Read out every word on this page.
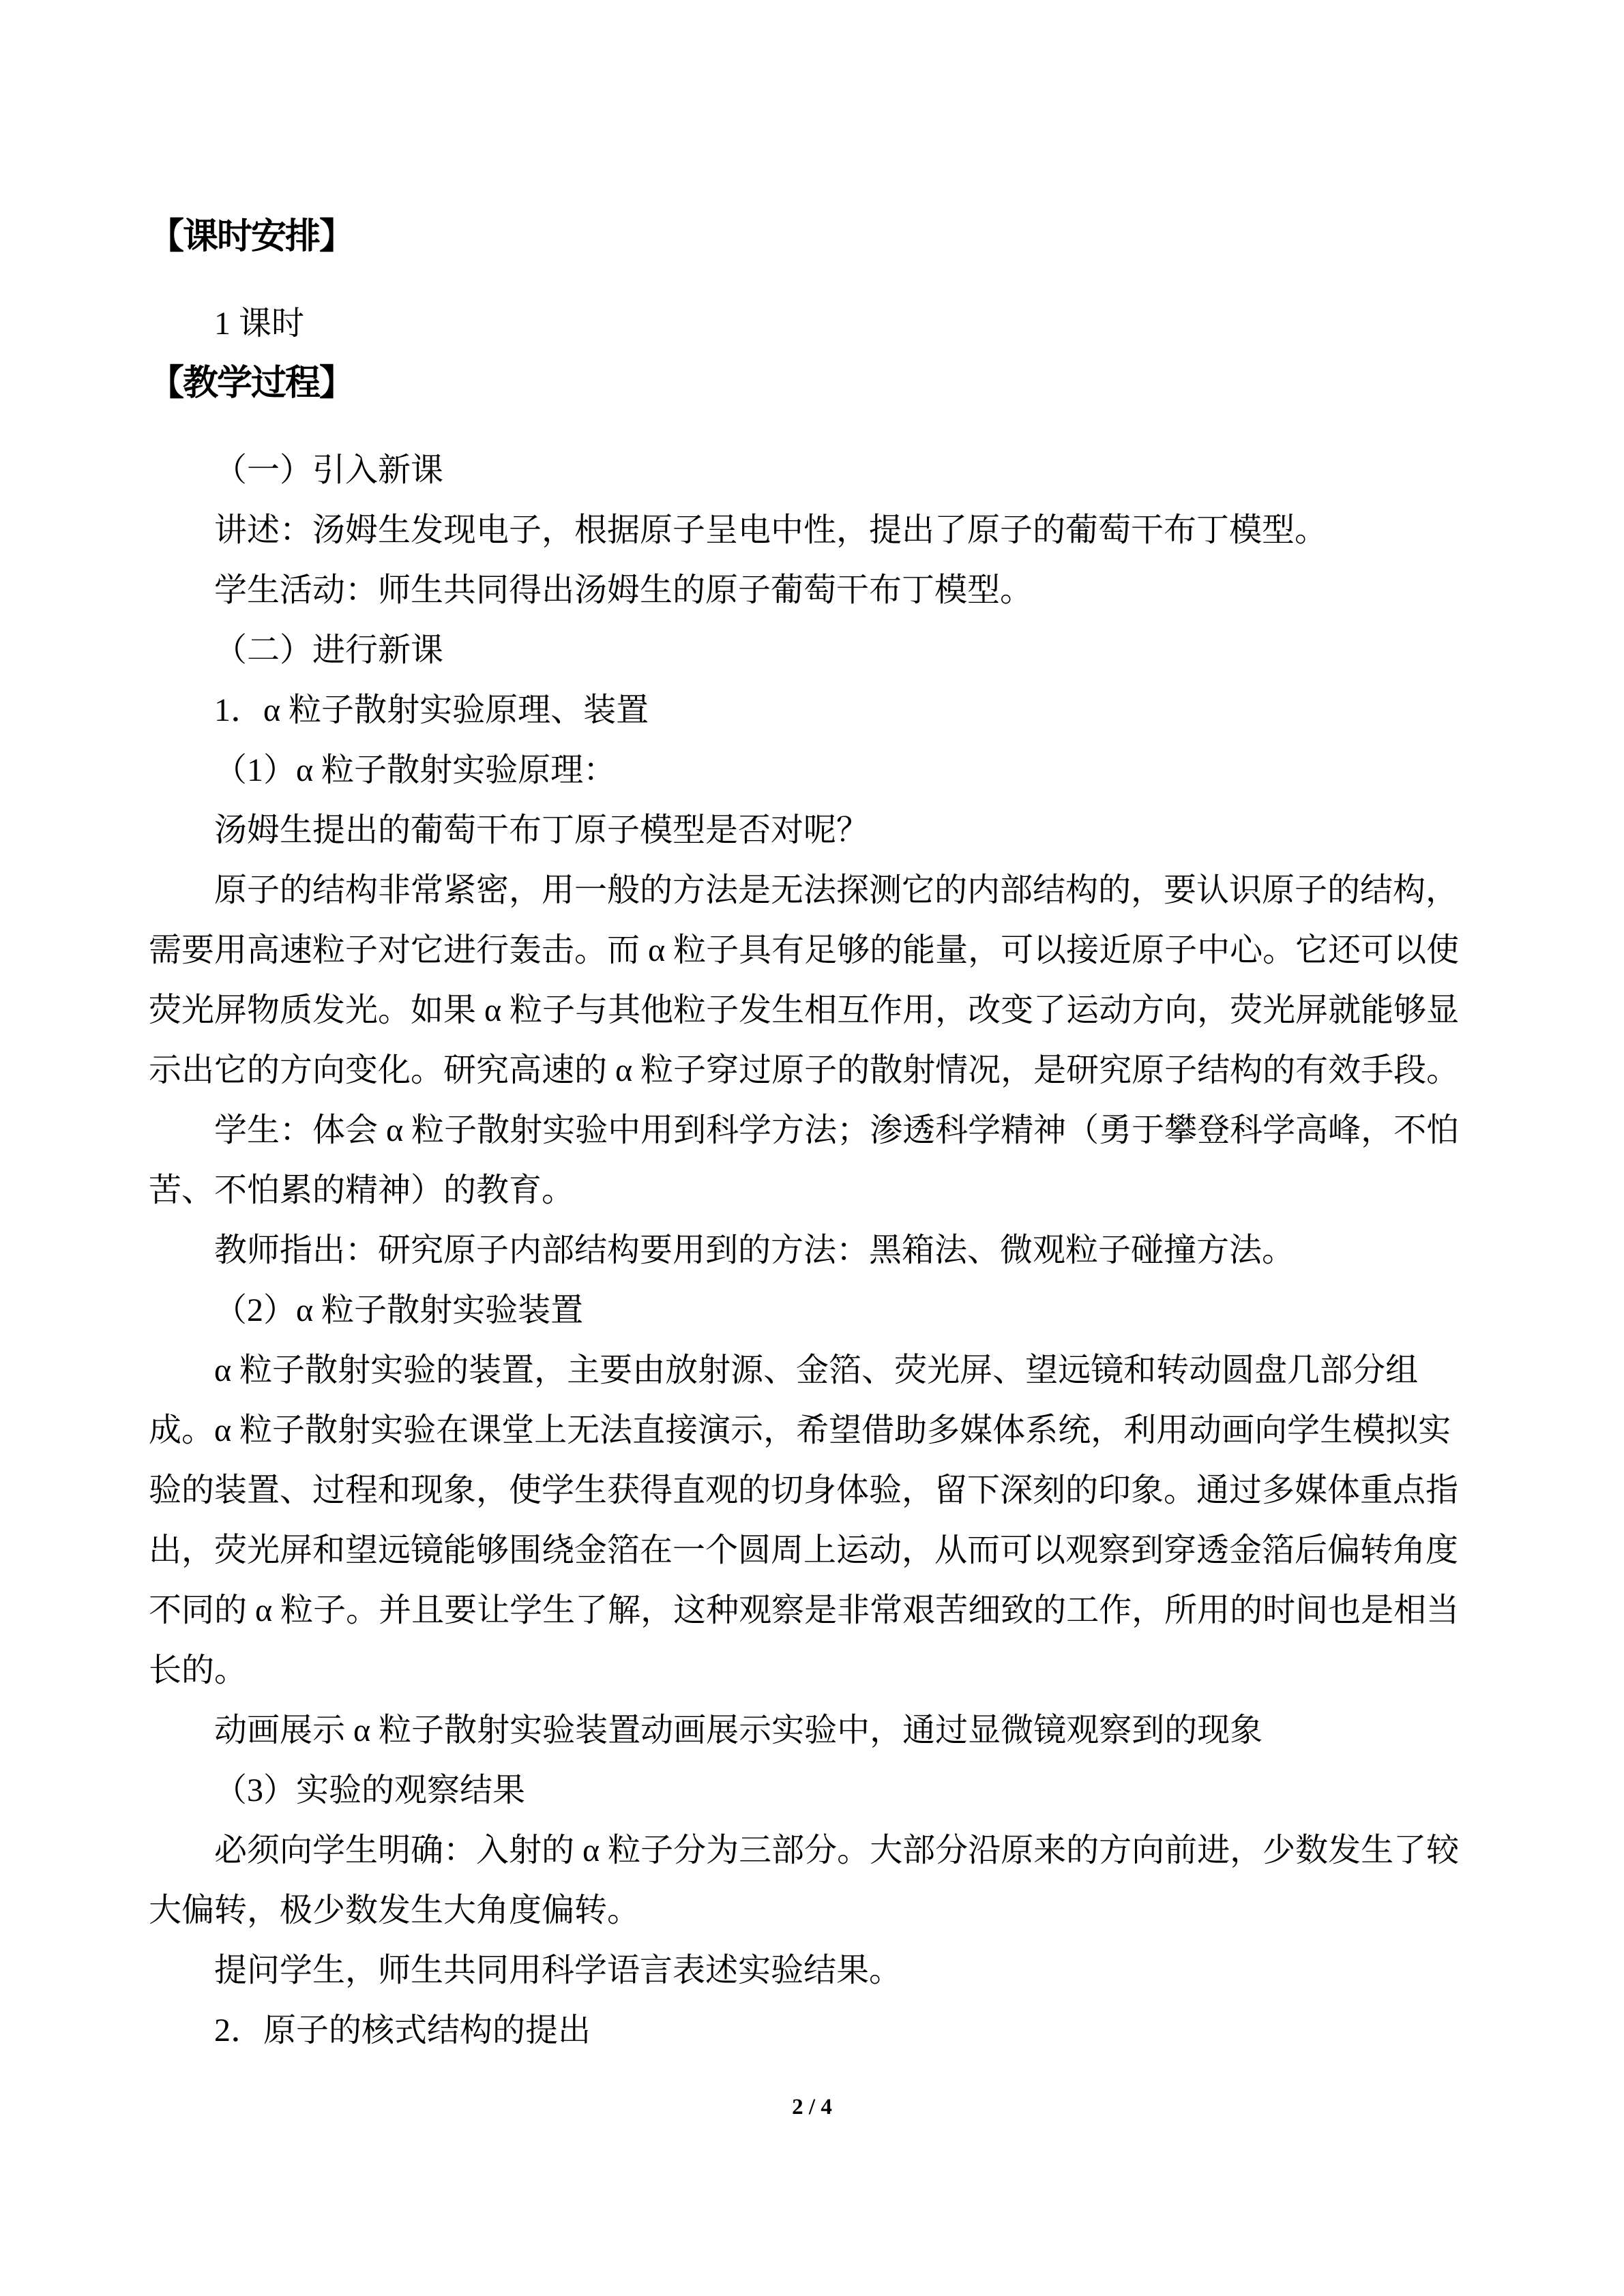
【课时安排】
1 课时
【教学过程】
（一）引入新课
讲述：汤姆生发现电子，根据原子呈电中性，提出了原子的葡萄干布丁模型。
学生活动：师生共同得出汤姆生的原子葡萄干布丁模型。
（二）进行新课
1．α 粒子散射实验原理、装置
（1）α 粒子散射实验原理：
汤姆生提出的葡萄干布丁原子模型是否对呢？
原子的结构非常紧密，用一般的方法是无法探测它的内部结构的，要认识原子的结构，
需要用高速粒子对它进行轰击。而 α 粒子具有足够的能量，可以接近原子中心。它还可以使
荧光屏物质发光。如果 α 粒子与其他粒子发生相互作用，改变了运动方向，荧光屏就能够显
示出它的方向变化。研究高速的 α 粒子穿过原子的散射情况，是研究原子结构的有效手段。
学生：体会 α 粒子散射实验中用到科学方法；渗透科学精神（勇于攀登科学高峰，不怕
苦、不怕累的精神）的教育。
教师指出：研究原子内部结构要用到的方法：黑箱法、微观粒子碰撞方法。
（2）α 粒子散射实验装置
α 粒子散射实验的装置，主要由放射源、金箔、荧光屏、望远镜和转动圆盘几部分组
成。α 粒子散射实验在课堂上无法直接演示，希望借助多媒体系统，利用动画向学生模拟实
验的装置、过程和现象，使学生获得直观的切身体验，留下深刻的印象。通过多媒体重点指
出，荧光屏和望远镜能够围绕金箔在一个圆周上运动，从而可以观察到穿透金箔后偏转角度
不同的 α 粒子。并且要让学生了解，这种观察是非常艰苦细致的工作，所用的时间也是相当
长的。
动画展示 α 粒子散射实验装置动画展示实验中，通过显微镜观察到的现象
（3）实验的观察结果
必须向学生明确：入射的 α 粒子分为三部分。大部分沿原来的方向前进，少数发生了较
大偏转，极少数发生大角度偏转。
提问学生，师生共同用科学语言表述实验结果。
2．原子的核式结构的提出
2 / 4
